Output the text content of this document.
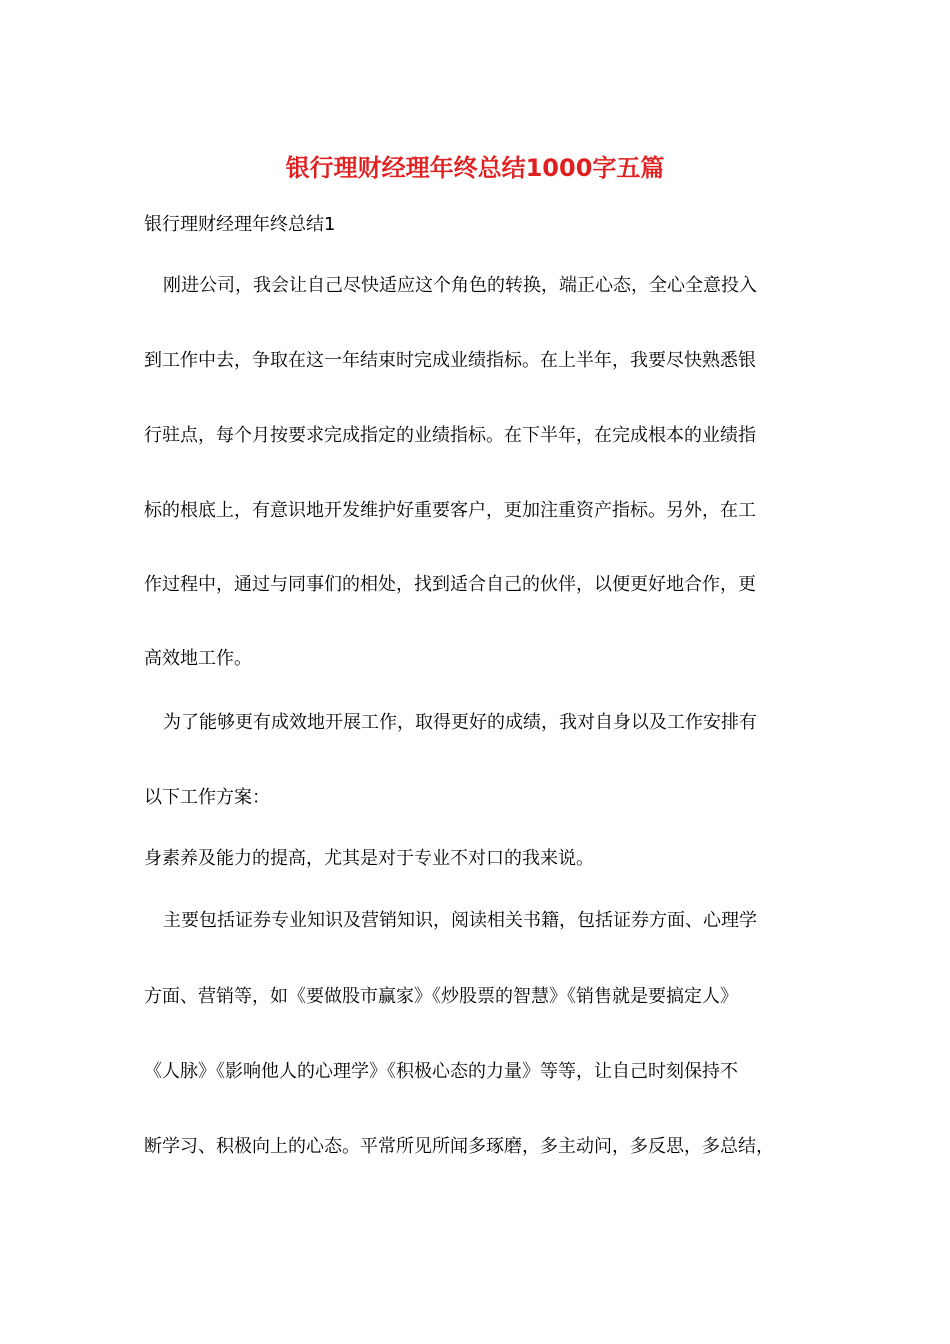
银行理财经理年终总结1000字五篇
银行理财经理年终总结1
刚进公司，我会让自己尽快适应这个角色的转换，端正心态，全心全意投入
到工作中去，争取在这一年结束时完成业绩指标。在上半年，我要尽快熟悉银
行驻点，每个月按要求完成指定的业绩指标。在下半年，在完成根本的业绩指
标的根底上，有意识地开发维护好重要客户，更加注重资产指标。另外，在工
作过程中，通过与同事们的相处，找到适合自己的伙伴，以便更好地合作，更
高效地工作。
为了能够更有成效地开展工作，取得更好的成绩，我对自身以及工作安排有
以下工作方案：
身素养及能力的提高，尤其是对于专业不对口的我来说。
主要包括证券专业知识及营销知识，阅读相关书籍，包括证券方面、心理学
方面、营销等，如《要做股市赢家》《炒股票的智慧》《销售就是要搞定人》
《人脉》《影响他人的心理学》《积极心态的力量》等等，让自己时刻保持不
断学习、积极向上的心态。平常所见所闻多琢磨，多主动问，多反思，多总结，
